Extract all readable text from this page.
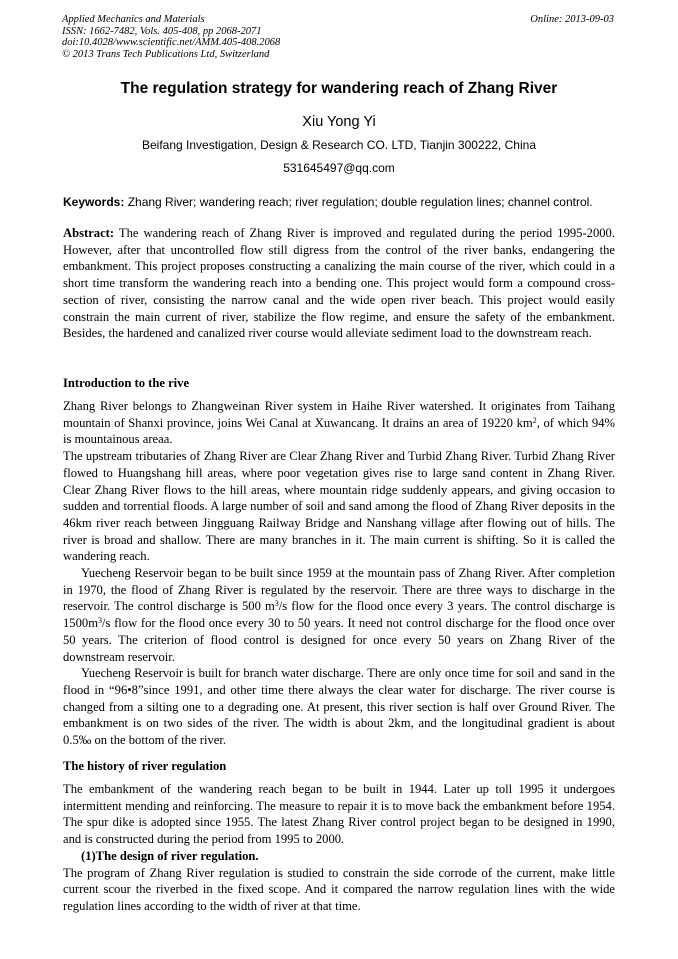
Applied Mechanics and Materials
ISSN: 1662-7482, Vols. 405-408, pp 2068-2071
doi:10.4028/www.scientific.net/AMM.405-408.2068
© 2013 Trans Tech Publications Ltd, Switzerland
Online: 2013-09-03
The regulation strategy for wandering reach of Zhang River
Xiu Yong Yi
Beifang Investigation, Design & Research CO. LTD, Tianjin 300222, China
531645497@qq.com
Keywords: Zhang River; wandering reach; river regulation; double regulation lines; channel control.

Abstract: The wandering reach of Zhang River is improved and regulated during the period 1995-2000. However, after that uncontrolled flow still digress from the control of the river banks, endangering the embankment. This project proposes constructing a canalizing the main course of the river, which could in a short time transform the wandering reach into a bending one. This project would form a compound cross-section of river, consisting the narrow canal and the wide open river beach. This project would easily constrain the main current of river, stabilize the flow regime, and ensure the safety of the embankment. Besides, the hardened and canalized river course would alleviate sediment load to the downstream reach.

Introduction to the rive

Zhang River belongs to Zhangweinan River system in Haihe River watershed. It originates from Taihang mountain of Shanxi province, joins Wei Canal at Xuwancang. It drains an area of 19220 $km^2$, of which 94% is mountainous areaa.

The upstream tributaries of Zhang River are Clear Zhang River and Turbid Zhang River. Turbid Zhang River flowed to Huangshang hill areas, where poor vegetation gives rise to large sand content in Zhang River. Clear Zhang River flows to the hill areas, where mountain ridge suddenly appears, and giving occasion to sudden and torrential floods. A large number of soil and sand among the flood of Zhang River deposits in the 46km river reach between Jingguang Railway Bridge and Nanshang village after flowing out of hills. The river is broad and shallow. There are many branches in it. The main current is shifting. So it is called the wandering reach.

Yuecheng Reservoir began to be built since 1959 at the mountain pass of Zhang River. After completion in 1970, the flood of Zhang River is regulated by the reservoir. There are three ways to discharge in the reservoir. The control discharge is 500 $m^3/s$ flow for the flood once every 3 years. The control discharge is $1500m^3/s$ flow for the flood once every 30 to 50 years. It need not control discharge for the flood once over 50 years. The criterion of flood control is designed for once every 50 years on Zhang River of the downstream reservoir.

Yuecheng Reservoir is built for branch water discharge. There are only once time for soil and sand in the flood in “96•8”since 1991, and other time there always the clear water for discharge. The river course is changed from a silting one to a degrading one. At present, this river section is half over Ground River. The embankment is on two sides of the river. The width is about 2km, and the longitudinal gradient is about 0.5‰ on the bottom of the river.

The history of river regulation

The embankment of the wandering reach began to be built in 1944. Later up toll 1995 it undergoes intermittent mending and reinforcing. The measure to repair it is to move back the embankment before 1954. The spur dike is adopted since 1955. The latest Zhang River control project began to be designed in 1990, and is constructed during the period from 1995 to 2000.

(1)The design of river regulation.

The program of Zhang River regulation is studied to constrain the side corrode of the current, make little current scour the riverbed in the fixed scope. And it compared the narrow regulation lines with the wide regulation lines according to the width of river at that time.
